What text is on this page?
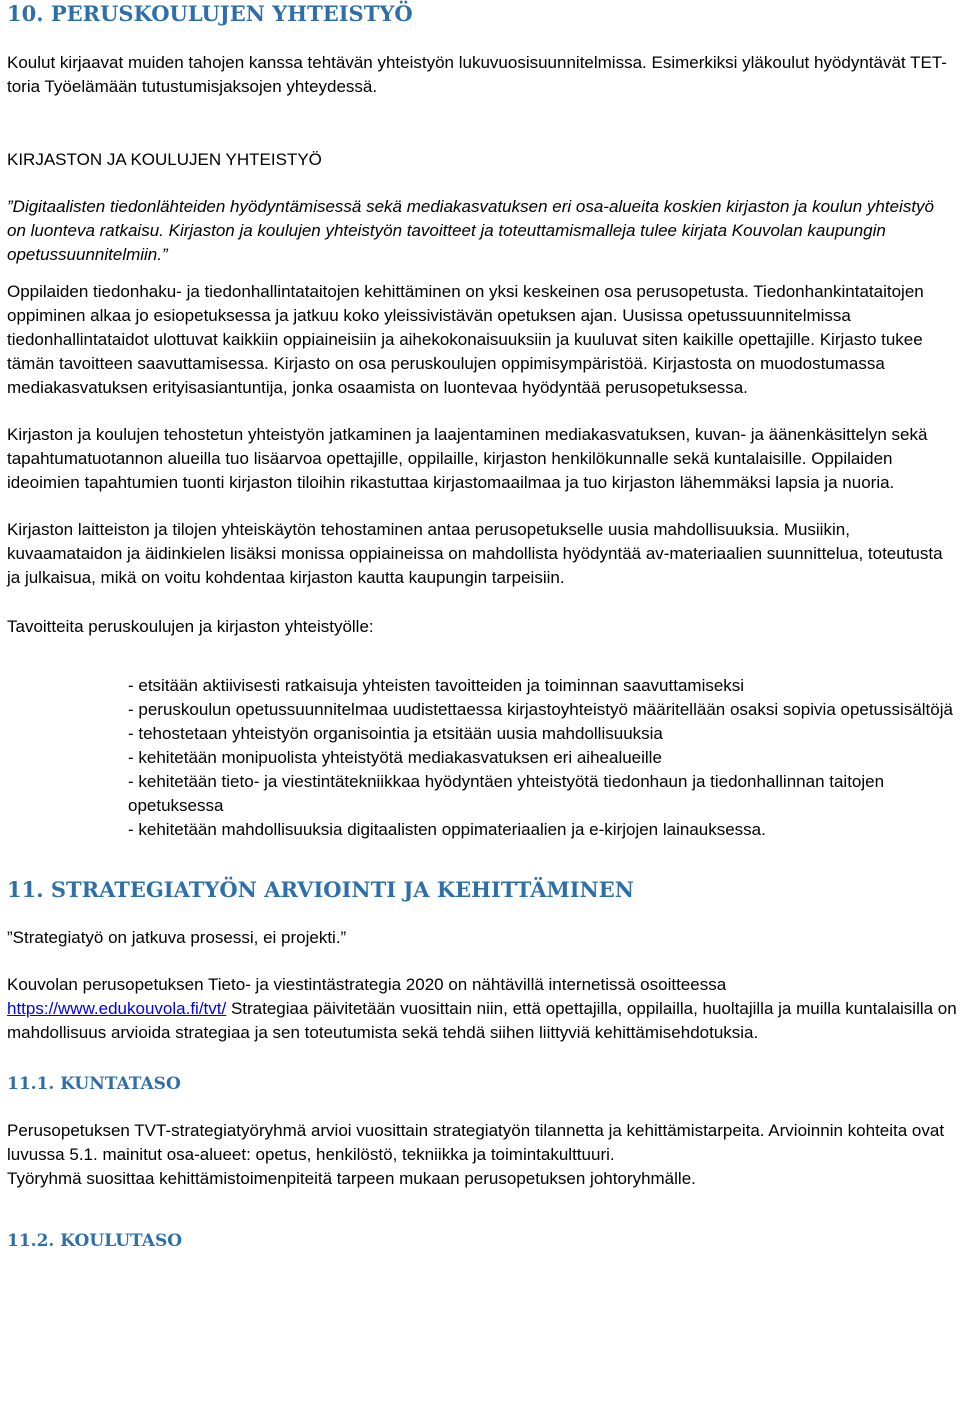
10. PERUSKOULUJEN YHTEISTYÖ

Koulut kirjaavat muiden tahojen kanssa tehtävän yhteistyön lukuvuosisuunnitelmissa. Esimerkiksi yläkoulut hyödyntävät TET-toria Työelämään tutustumisjaksojen yhteydessä.

KIRJASTON JA KOULUJEN YHTEISTYÖ

”Digitaalisten tiedonlähteiden hyödyntämisessä sekä mediakasvatuksen eri osa-alueita koskien kirjaston ja koulun yhteistyö on luonteva ratkaisu. Kirjaston ja koulujen yhteistyön tavoitteet ja toteuttamismalleja tulee kirjata Kouvolan kaupungin opetussuunnitelmiin.”

Oppilaiden tiedonhaku- ja tiedonhallintataitojen kehittäminen on yksi keskeinen osa perusopetusta. Tiedonhankintataitojen oppiminen alkaa jo esiopetuksessa ja jatkuu koko yleissivistävän opetuksen ajan. Uusissa opetussuunnitelmissa tiedonhallintataidot ulottuvat kaikkiin oppiaineisiin ja aihekokonaisuuksiin ja kuuluvat siten kaikille opettajille. Kirjasto tukee tämän tavoitteen saavuttamisessa. Kirjasto on osa peruskoulujen oppimisympäristöä. Kirjastosta on muodostumassa mediakasvatuksen erityisasiantuntija, jonka osaamista on luontevaa hyödyntää perusopetuksessa.

Kirjaston ja koulujen tehostetun yhteistyön jatkaminen ja laajentaminen mediakasvatuksen, kuvan- ja äänenkäsittelyn sekä tapahtumatuotannon alueilla tuo lisäarvoa opettajille, oppilaille, kirjaston henkilökunnalle sekä kuntalaisille. Oppilaiden ideoimien tapahtumien tuonti kirjaston tiloihin rikastuttaa kirjastomaailmaa ja tuo kirjaston lähemmäksi lapsia ja nuoria.

Kirjaston laitteiston ja tilojen yhteiskäytön tehostaminen antaa perusopetukselle uusia mahdollisuuksia. Musiikin, kuvaamataidon ja äidinkielen lisäksi monissa oppiaineissa on mahdollista hyödyntää av-materiaalien suunnittelua, toteutusta ja julkaisua, mikä on voitu kohdentaa kirjaston kautta kaupungin tarpeisiin.

Tavoitteita peruskoulujen ja kirjaston yhteistyölle:

- etsitään aktiivisesti ratkaisuja yhteisten tavoitteiden ja toiminnan saavuttamiseksi
- peruskoulun opetussuunnitelmaa uudistettaessa kirjastoyhteistyö määritellään osaksi sopivia opetussisältöjä
- tehostetaan yhteistyön organisointia ja etsitään uusia mahdollisuuksia
- kehitetään monipuolista yhteistyötä mediakasvatuksen eri aihealueille
- kehitetään tieto- ja viestintätekniikkaa hyödyntäen yhteistyötä tiedonhaun ja tiedonhallinnan taitojen opetuksessa
- kehitetään mahdollisuuksia digitaalisten oppimateriaalien ja e-kirjojen lainauksessa.
11. STRATEGIATYÖN ARVIOINTI JA KEHITTÄMINEN

”Strategiatyö on jatkuva prosessi, ei projekti.”

Kouvolan perusopetuksen Tieto- ja viestintästrategia 2020 on nähtävillä internetissä osoitteessa
https://www.edukouvola.fi/tvt/ Strategiaa päivitetään vuosittain niin, että opettajilla, oppilailla, huoltajilla ja muilla kuntalaisilla on mahdollisuus arvioida strategiaa ja sen toteutumista sekä tehdä siihen liittyviä kehittämisehdotuksia.

11.1. KUNTATASO

Perusopetuksen TVT-strategiatyöryhmä arvioi vuosittain strategiatyön tilannetta ja kehittämistarpeita. Arvioinnin kohteita ovat luvussa 5.1. mainitut osa-alueet: opetus, henkilöstö, tekniikka ja toimintakulttuuri.

Työryhmä suosittaa kehittämistoimenpiteitä tarpeen mukaan perusopetuksen johtoryhmälle.

11.2. KOULUTASO
